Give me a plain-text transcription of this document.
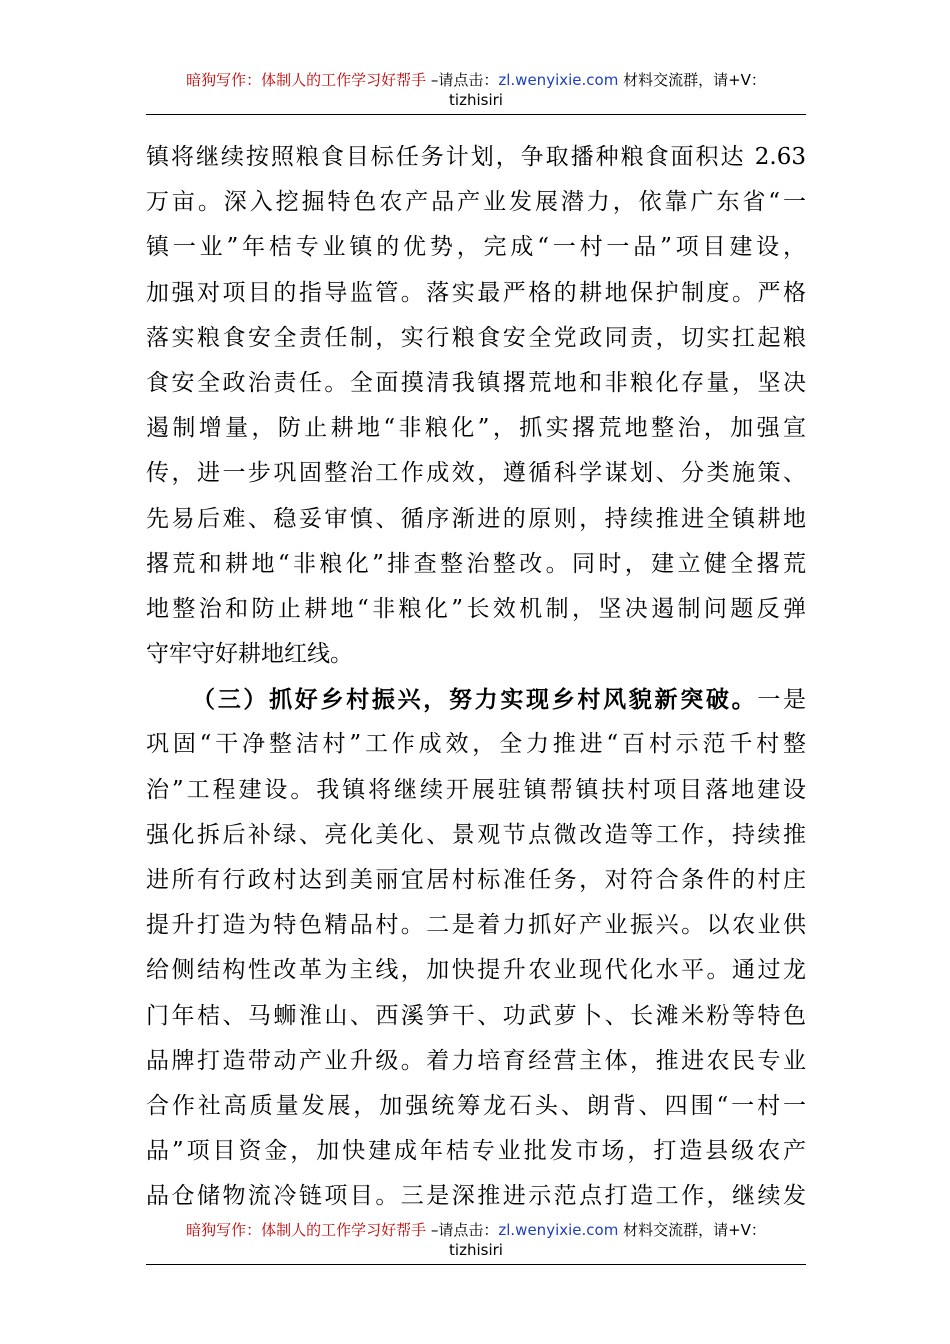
暗狗写作：体制人的工作学习好帮手 –请点击：zl.wenyixie.com 材料交流群，请+V：
tizhisiri
镇将继续按照粮食目标任务计划，争取播种粮食面积达 2.63
万亩。深入挖掘特色农产品产业发展潜力，依靠广东省“一
镇一业”年桔专业镇的优势，完成“一村一品”项目建设，
加强对项目的指导监管。落实最严格的耕地保护制度。严格
落实粮食安全责任制，实行粮食安全党政同责，切实扛起粮
食安全政治责任。全面摸清我镇撂荒地和非粮化存量，坚决
遏制增量，防止耕地“非粮化”，抓实撂荒地整治，加强宣
传，进一步巩固整治工作成效，遵循科学谋划、分类施策、
先易后难、稳妥审慎、循序渐进的原则，持续推进全镇耕地
撂荒和耕地“非粮化”排查整治整改。同时，建立健全撂荒
地整治和防止耕地“非粮化”长效机制，坚决遏制问题反弹
守牢守好耕地红线。
（三）抓好乡村振兴，努力实现乡村风貌新突破。一是
巩固“干净整洁村”工作成效，全力推进“百村示范千村整
治”工程建设。我镇将继续开展驻镇帮镇扶村项目落地建设
强化拆后补绿、亮化美化、景观节点微改造等工作，持续推
进所有行政村达到美丽宜居村标准任务，对符合条件的村庄
提升打造为特色精品村。二是着力抓好产业振兴。以农业供
给侧结构性改革为主线，加快提升农业现代化水平。通过龙
门年桔、马蛳淮山、西溪笋干、功武萝卜、长滩米粉等特色
品牌打造带动产业升级。着力培育经营主体，推进农民专业
合作社高质量发展，加强统筹龙石头、朗背、四围“一村一
品”项目资金，加快建成年桔专业批发市场，打造县级农产
品仓储物流冷链项目。三是深推进示范点打造工作，继续发
暗狗写作：体制人的工作学习好帮手 –请点击：zl.wenyixie.com 材料交流群，请+V：
tizhisiri
